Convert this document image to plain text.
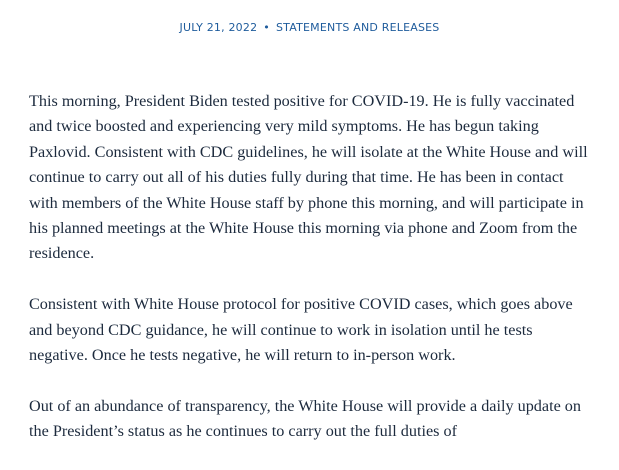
JULY 21, 2022 • STATEMENTS AND RELEASES

This morning, President Biden tested positive for COVID-19. He is fully vaccinated and twice boosted and experiencing very mild symptoms. He has begun taking Paxlovid. Consistent with CDC guidelines, he will isolate at the White House and will continue to carry out all of his duties fully during that time. He has been in contact with members of the White House staff by phone this morning, and will participate in his planned meetings at the White House this morning via phone and Zoom from the residence.

Consistent with White House protocol for positive COVID cases, which goes above and beyond CDC guidance, he will continue to work in isolation until he tests negative. Once he tests negative, he will return to in-person work.

Out of an abundance of transparency, the White House will provide a daily update on the President’s status as he continues to carry out the full duties of
